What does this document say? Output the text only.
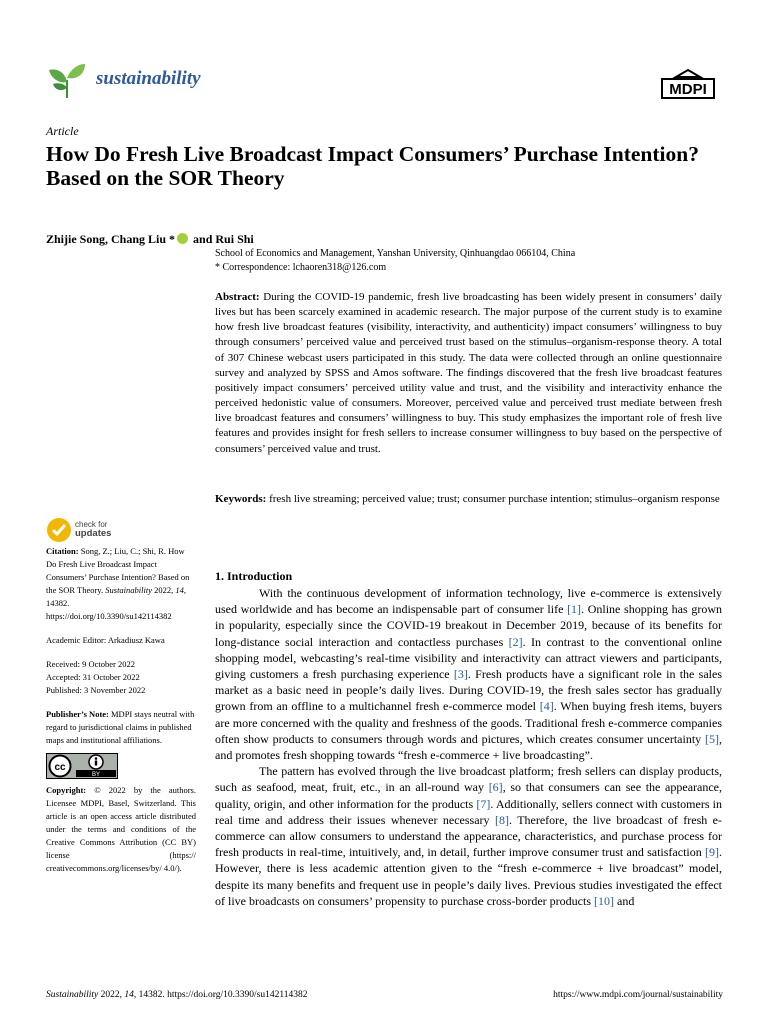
sustainability
MDPI
Article
How Do Fresh Live Broadcast Impact Consumers’ Purchase Intention? Based on the SOR Theory
Zhijie Song, Chang Liu * and Rui Shi
School of Economics and Management, Yanshan University, Qinhuangdao 066104, China
* Correspondence: lchaoren318@126.com
Abstract: During the COVID-19 pandemic, fresh live broadcasting has been widely present in consumers’ daily lives but has been scarcely examined in academic research. The major purpose of the current study is to examine how fresh live broadcast features (visibility, interactivity, and authenticity) impact consumers’ willingness to buy through consumers’ perceived value and perceived trust based on the stimulus–organism-response theory. A total of 307 Chinese webcast users participated in this study. The data were collected through an online questionnaire survey and analyzed by SPSS and Amos software. The findings discovered that the fresh live broadcast features positively impact consumers’ perceived utility value and trust, and the visibility and interactivity enhance the perceived hedonistic value of consumers. Moreover, perceived value and perceived trust mediate between fresh live broadcast features and consumers’ willingness to buy. This study emphasizes the important role of fresh live features and provides insight for fresh sellers to increase consumer willingness to buy based on the perspective of consumers’ perceived value and trust.
Keywords: fresh live streaming; perceived value; trust; consumer purchase intention; stimulus–organism response
check for
updates

Citation: Song, Z.; Liu, C.; Shi, R. How Do Fresh Live Broadcast Impact Consumers’ Purchase Intention? Based on the SOR Theory. Sustainability 2022, 14, 14382. https://doi.org/10.3390/su142114382

Academic Editor: Arkadiusz Kawa

Received: 9 October 2022

Accepted: 31 October 2022

Published: 3 November 2022

Publisher’s Note: MDPI stays neutral with regard to jurisdictional claims in published maps and institutional affiliations.

cc
BY

Copyright: © 2022 by the authors. Licensee MDPI, Basel, Switzerland. This article is an open access article distributed under the terms and conditions of the Creative Commons Attribution (CC BY) license (https:// creativecommons.org/licenses/by/ 4.0/).

1. Introduction

With the continuous development of information technology, live e-commerce is extensively used worldwide and has become an indispensable part of consumer life [1]. Online shopping has grown in popularity, especially since the COVID-19 breakout in December 2019, because of its benefits for long-distance social interaction and contactless purchases [2]. In contrast to the conventional online shopping model, webcasting’s real-time visibility and interactivity can attract viewers and participants, giving customers a fresh purchasing experience [3]. Fresh products have a significant role in the sales market as a basic need in people’s daily lives. During COVID-19, the fresh sales sector has gradually grown from an offline to a multichannel fresh e-commerce model [4]. When buying fresh items, buyers are more concerned with the quality and freshness of the goods. Traditional fresh e-commerce companies often show products to consumers through words and pictures, which creates consumer uncertainty [5], and promotes fresh shopping towards “fresh e-commerce + live broadcasting”.

The pattern has evolved through the live broadcast platform; fresh sellers can display products, such as seafood, meat, fruit, etc., in an all-round way [6], so that consumers can see the appearance, quality, origin, and other information for the products [7]. Additionally, sellers connect with customers in real time and address their issues whenever necessary [8]. Therefore, the live broadcast of fresh e-commerce can allow consumers to understand the appearance, characteristics, and purchase process for fresh products in real-time, intuitively, and, in detail, further improve consumer trust and satisfaction [9]. However, there is less academic attention given to the “fresh e-commerce + live broadcast” model, despite its many benefits and frequent use in people’s daily lives. Previous studies investigated the effect of live broadcasts on consumers’ propensity to purchase cross-border products [10] and

Sustainability 2022, 14, 14382. https://doi.org/10.3390/su142114382	https://www.mdpi.com/journal/sustainability
